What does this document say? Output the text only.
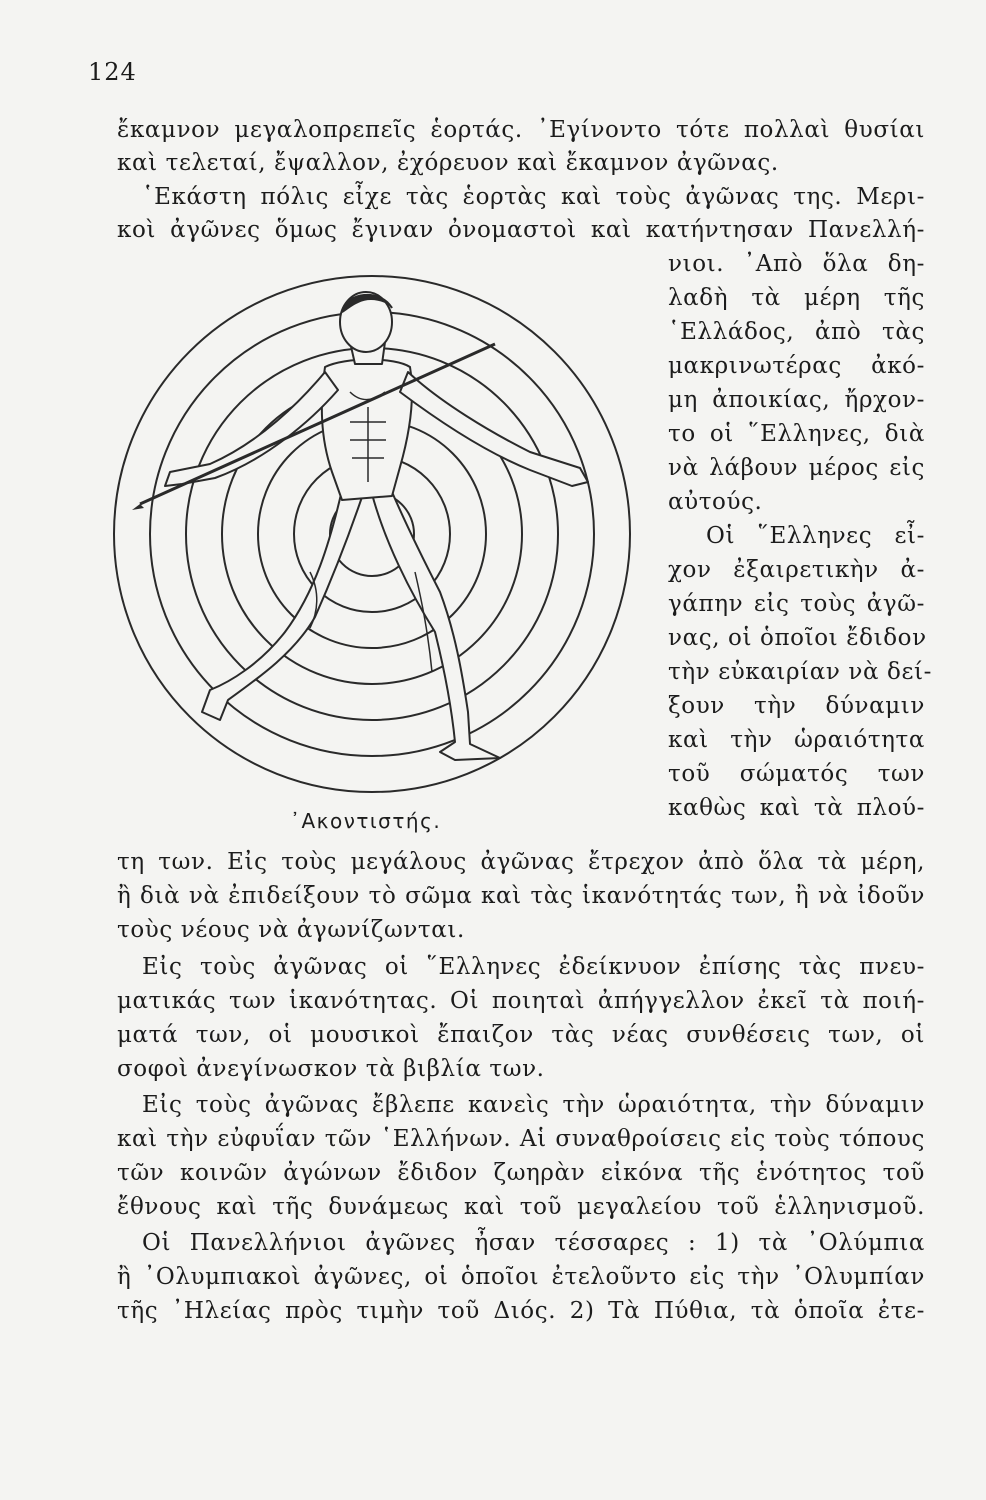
124
ἔκαμνον μεγαλοπρεπεῖς ἑορτάς. ᾿Εγίνοντο τότε πολλαὶ θυσίαι
καὶ τελεταί, ἔψαλλον, ἐχόρευον καὶ ἔκαμνον ἀγῶνας.
῾Εκάστη πόλις εἶχε τὰς ἑορτὰς καὶ τοὺς ἀγῶνας της. Μερι-
κοὶ ἀγῶνες ὅμως ἔγιναν ὀνομαστοὶ καὶ κατήντησαν Πανελλή-
νιοι. ᾿Απὸ ὅλα δη-
λαδὴ τὰ μέρη τῆς
῾Ελλάδος, ἀπὸ τὰς
μακρινωτέρας ἀκό-
μη ἀποικίας, ἤρχον-
το οἱ ῞Ελληνες, διὰ
νὰ λάβουν μέρος εἰς
αὐτούς.
Οἱ ῞Ελληνες εἶ-
χον ἐξαιρετικὴν ἀ-
γάπην εἰς τοὺς ἀγῶ-
νας, οἱ ὁποῖοι ἔδιδον
τὴν εὐκαιρίαν νὰ δεί-
ξουν τὴν δύναμιν
καὶ τὴν ὡραιότητα
τοῦ σώματός των
καθὼς καὶ τὰ πλού-
᾿Ακοντιστής.
τη των. Εἰς τοὺς μεγάλους ἀγῶνας ἔτρεχον ἀπὸ ὅλα τὰ μέρη,
ἢ διὰ νὰ ἐπιδείξουν τὸ σῶμα καὶ τὰς ἱκανότητάς των, ἢ νὰ ἰδοῦν
τοὺς νέους νὰ ἀγωνίζωνται.
Εἰς τοὺς ἀγῶνας οἱ ῞Ελληνες ἐδείκνυον ἐπίσης τὰς πνευ-
ματικάς των ἱκανότητας. Οἱ ποιηταὶ ἀπήγγελλον ἐκεῖ τὰ ποιή-
ματά των, οἱ μουσικοὶ ἔπαιζον τὰς νέας συνθέσεις των, οἱ
σοφοὶ ἀνεγίνωσκον τὰ βιβλία των.
Εἰς τοὺς ἀγῶνας ἔβλεπε κανεὶς τὴν ὡραιότητα, τὴν δύναμιν
καὶ τὴν εὐφυΐαν τῶν ῾Ελλήνων. Αἱ συναθροίσεις εἰς τοὺς τόπους
τῶν κοινῶν ἀγώνων ἔδιδον ζωηρὰν εἰκόνα τῆς ἑνότητος τοῦ
ἔθνους καὶ τῆς δυνάμεως καὶ τοῦ μεγαλείου τοῦ ἑλληνισμοῦ.
Οἱ Πανελλήνιοι ἀγῶνες ἦσαν τέσσαρες : 1) τὰ ᾿Ολύμπια
ἢ ᾿Ολυμπιακοὶ ἀγῶνες, οἱ ὁποῖοι ἐτελοῦντο εἰς τὴν ᾿Ολυμπίαν
τῆς ᾿Ηλείας πρὸς τιμὴν τοῦ Διός. 2) Τὰ Πύθια, τὰ ὁποῖα ἐτε-
